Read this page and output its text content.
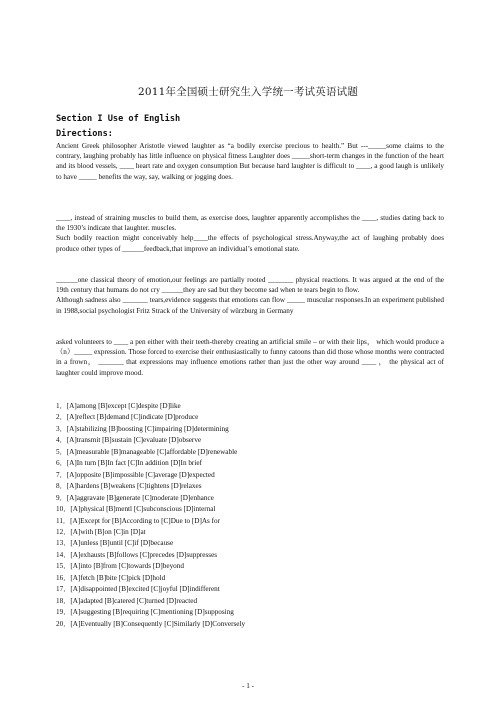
2011年全国硕士研究生入学统一考试英语试题
Section I Use of English
Directions:

Ancient Greek philosopher Aristotle viewed laughter as “a bodily exercise precious to health.” But ---_____some claims to the contrary, laughing probably has little influence on physical fitness Laughter does _____short-term changes in the function of the heart and its blood vessels, ____ heart rate and oxygen consumption But because hard laughter is difficult to ____, a good laugh is unlikely to have _____ benefits the way, say, walking or jogging does.

____, instead of straining muscles to build them, as exercise does, laughter apparently accomplishes the ____, studies dating back to the 1930’s indicate that laughter. muscles.
Such bodily reaction might conceivably help____the effects of psychological stress.Anyway,the act of laughing probably does produce other types of ______feedback,that improve an individual’s emotional state.

______one classical theory of emotion,our feelings are partially rooted _______ physical reactions. It was argued at the end of the 19th century that humans do not cry ______they are sad but they become sad when te tears begin to flow.
Although sadness also _______ tears,evidence suggests that emotions can flow _____ muscular responses.In an experiment published in 1988,social psychologist Fritz Strack of the University of würzburg in Germany

asked volunteers to ____ a pen either with their teeth-thereby creating an artificial smile – or with their lips， which would produce a（n）_____ expression. Those forced to exercise their enthusiastically to funny catoons than did those whose months were contracted in a frown， _______ that expressions may influence emotions rather than just the other way around ____ ， the physical act of laughter could improve mood.

1．[A]among [B]except [C]despite [D]like
2．[A]reflect [B]demand [C]indicate [D]produce
3．[A]stabilizing [B]boosting [C]impairing [D]determining
4．[A]transmit [B]sustain [C]evaluate [D]observe
5．[A]measurable [B]manageable [C]affordable [D]renewable
6．[A]In turn [B]In fact [C]In addition [D]In brief
7．[A]opposite [B]impossible [C]average [D]expected
8．[A]hardens [B]weakens [C]tightens [D]relaxes
9．[A]aggravate [B]generate [C]moderate [D]enhance
10．[A]physical [B]mentl [C]subconscious [D]internal
11．[A]Except for [B]According to [C]Due to [D]As for
12．[A]with [B]on [C]in [D]at
13．[A]unless [B]until [C]if [D]because
14．[A]exhausts [B]follows [C]precedes [D]suppresses
15．[A]into [B]from [C]towards [D]beyond
16．[A]fetch [B]bite [C]pick [D]hold
17．[A]disappointed [B]excited [C]joyful [D]indifferent
18．[A]adapted [B]catered [C]turned [D]reacted
19．[A]suggesting [B]requiring [C]mentioning [D]supposing
20．[A]Eventually [B]Consequently [C]Similarly [D]Conversely
- 1 -
